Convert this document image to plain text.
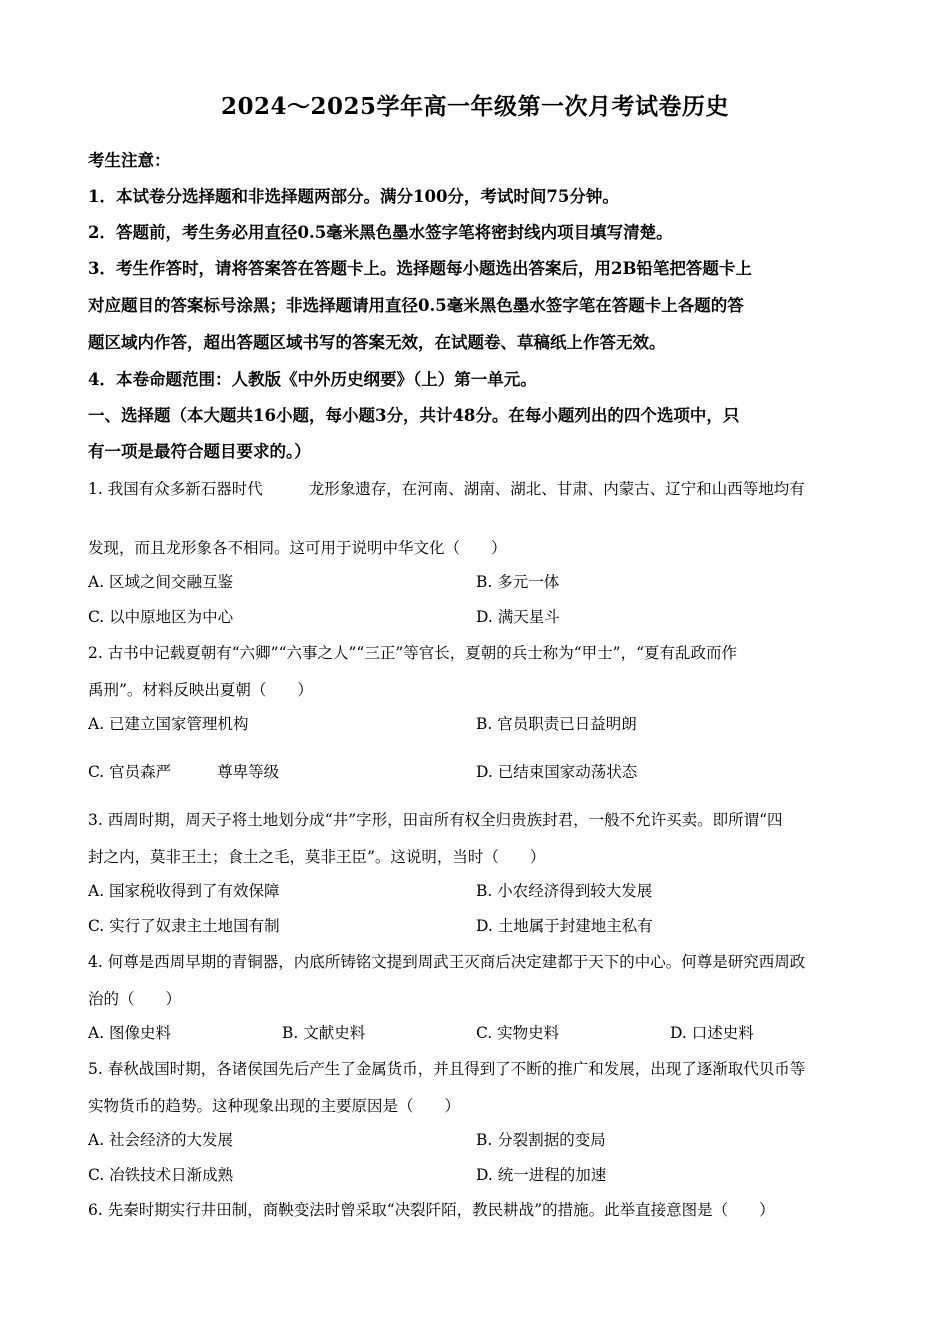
2024～2025学年高一年级第一次月考试卷历史
考生注意：
1．本试卷分选择题和非选择题两部分。满分100分，考试时间75分钟。
2．答题前，考生务必用直径0.5毫米黑色墨水签字笔将密封线内项目填写清楚。
3．考生作答时，请将答案答在答题卡上。选择题每小题选出答案后，用2B铅笔把答题卡上
对应题目的答案标号涂黑；非选择题请用直径0.5毫米黑色墨水签字笔在答题卡上各题的答
题区域内作答，超出答题区域书写的答案无效，在试题卷、草稿纸上作答无效。
4．本卷命题范围：人教版《中外历史纲要》（上）第一单元。
一、选择题（本大题共16小题，每小题3分，共计48分。在每小题列出的四个选项中，只
有一项是最符合题目要求的。）
1. 我国有众多新石器时代	龙形象遗存，在河南、湖南、湖北、甘肃、内蒙古、辽宁和山西等地均有
发现，而且龙形象各不相同。这可用于说明中华文化（　　）
A. 区域之间交融互鉴	B. 多元一体
C. 以中原地区为中心	D. 满天星斗
2. 古书中记载夏朝有“六卿”“六事之人”“三正”等官长，夏朝的兵士称为“甲士”，“夏有乱政而作
禹刑”。材料反映出夏朝（　　）
A. 已建立国家管理机构	B. 官员职责已日益明朗
C. 官员森严	尊卑等级	D. 已结束国家动荡状态
3. 西周时期，周天子将土地划分成“井”字形，田亩所有权全归贵族封君，一般不允许买卖。即所谓“四
封之内，莫非王土；食土之毛，莫非王臣”。这说明，当时（　　）
A. 国家税收得到了有效保障	B. 小农经济得到较大发展
C. 实行了奴隶主土地国有制	D. 土地属于封建地主私有
4. 何尊是西周早期的青铜器，内底所铸铭文提到周武王灭商后决定建都于天下的中心。何尊是研究西周政
治的（　　）
A. 图像史料	B. 文献史料	C. 实物史料	D. 口述史料
5. 春秋战国时期，各诸侯国先后产生了金属货币，并且得到了不断的推广和发展，出现了逐渐取代贝币等
实物货币的趋势。这种现象出现的主要原因是（　　）
A. 社会经济的大发展	B. 分裂割据的变局
C. 冶铁技术日渐成熟	D. 统一进程的加速
6. 先秦时期实行井田制，商鞅变法时曾采取“决裂阡陌，教民耕战”的措施。此举直接意图是（　　）
